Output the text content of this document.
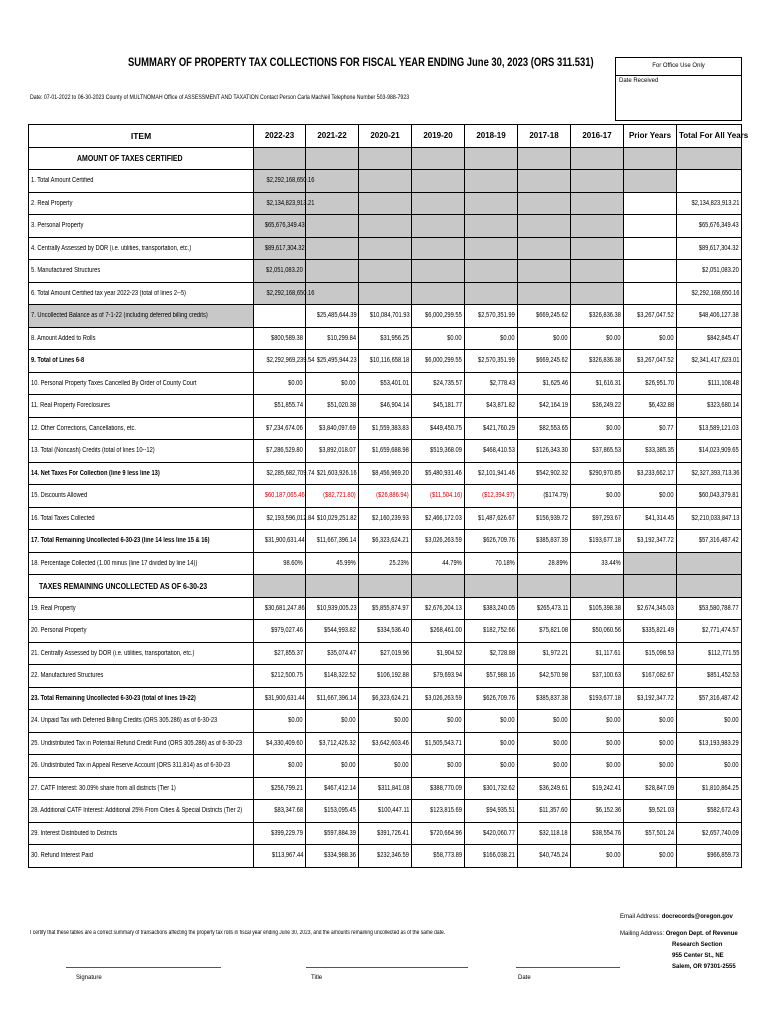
SUMMARY OF PROPERTY TAX COLLECTIONS FOR FISCAL YEAR ENDING June 30, 2023 (ORS 311.531)	For Office Use Only
Date Received
Date: 07-01-2022 to 06-30-2023 County of MULTNOMAH Office of ASSESSMENT AND TAXATION Contact Person Carla MacNeil Telephone Number 503-988-7923
ITEM	2022-23	2021-22	2020-21	2019-20	2018-19	2017-18	2016-17	Prior Years	Total For All Years
AMOUNT OF TAXES CERTIFIED									
1. Total Amount Certified	$2,292,168,650.16								
2. Real Property	$2,134,823,913.21								$2,134,823,913.21
3. Personal Property	$65,676,349.43								$65,676,349.43
4. Centrally Assessed by DOR (i.e. utilities, transportation, etc.)	$89,617,304.32								$89,617,304.32
5. Manufactured Structures	$2,051,083.20								$2,051,083.20
6. Total Amount Certified tax year 2022-23 (total of lines 2--5)	$2,292,168,650.16								$2,292,168,650.16
7. Uncollected Balance as of 7-1-22 (including deferred billing credits)		$25,485,644.39	$10,084,701.93	$6,000,299.55	$2,570,351.99	$669,245.62	$326,836.38	$3,267,047.52	$48,406,127.38
8. Amount Added to Rolls	$800,589.38	$10,299.84	$31,956.25	$0.00	$0.00	$0.00	$0.00	$0.00	$842,845.47
9. Total of Lines 6-8	$2,292,969,239.54	$25,495,944.23	$10,116,658.18	$6,000,299.55	$2,570,351.99	$669,245.62	$326,836.38	$3,267,047.52	$2,341,417,623.01
10. Personal Property Taxes Cancelled By Order of County Court	$0.00	$0.00	$53,401.01	$24,735.57	$2,778.43	$1,625.46	$1,616.31	$26,951.70	$111,108.48
11. Real Property Foreclosures	$51,855.74	$51,020.38	$46,904.14	$45,181.77	$43,871.82	$42,164.19	$36,249.22	$6,432.88	$323,680.14
12. Other Corrections, Cancellations, etc.	$7,234,674.06	$3,840,097.69	$1,559,383.83	$449,450.75	$421,760.29	$82,553.65	$0.00	$0.77	$13,589,121.03
13. Total (Noncash) Credits (total of lines 10--12)	$7,286,529.80	$3,892,018.07	$1,659,688.98	$519,368.09	$468,410.53	$126,343.30	$37,865.53	$33,385.35	$14,023,909.65
14. Net Taxes For Collection (line 9 less line 13)	$2,285,682,709.74	$21,603,926.16	$8,456,969.20	$5,480,931.46	$2,101,941.46	$542,902.32	$290,970.85	$3,233,662.17	$2,327,393,713.36
15. Discounts Allowed	$60,187,065.46	($82,721.80)	($26,886.94)	($11,504.16)	($12,394.97)	($174.79)	$0.00	$0.00	$60,043,379.81
16. Total Taxes Collected	$2,193,596,012.84	$10,029,251.82	$2,160,239.93	$2,466,172.03	$1,487,626.67	$156,939.72	$97,293.67	$41,314.45	$2,210,033,847.13
17. Total Remaining Uncollected 6-30-23 (line 14 less line 15 & 16)	$31,900,631.44	$11,667,396.14	$6,323,624.21	$3,026,263.59	$626,709.76	$385,837.39	$193,677.18	$3,192,347.72	$57,316,487.42
18. Percentage Collected (1.00 minus (line 17 divided by line 14))	98.60%	45.99%	25.23%	44.79%	70.18%	28.89%	33.44%		
TAXES REMAINING UNCOLLECTED AS OF 6-30-23									
19. Real Property	$30,681,247.86	$10,939,005.23	$5,855,874.97	$2,676,204.13	$383,240.05	$265,473.11	$105,398.38	$2,674,345.03	$53,580,788.77
20. Personal Property	$979,027.46	$544,993.82	$334,536.40	$268,461.00	$182,752.66	$75,821.08	$50,060.56	$335,821.49	$2,771,474.57
21. Centrally Assessed by DOR (i.e. utilities, transportation, etc.)	$27,855.37	$35,074.47	$27,019.96	$1,904.52	$2,728.88	$1,972.21	$1,117.61	$15,098.53	$112,771.55
22. Manufactured Structures	$212,500.75	$148,322.52	$106,192.88	$79,693.94	$57,988.16	$42,570.98	$37,100.63	$167,082.67	$851,452.53
23. Total Remaining Uncollected 6-30-23 (total of lines 19-22)	$31,900,631.44	$11,667,396.14	$6,323,624.21	$3,026,263.59	$626,709.76	$385,837.38	$193,677.18	$3,192,347.72	$57,316,487.42
24. Unpaid Tax with Deferred Billing Credits (ORS 305.286) as of 6-30-23	$0.00	$0.00	$0.00	$0.00	$0.00	$0.00	$0.00	$0.00	$0.00
25. Undistributed Tax in Potential Refund Credit Fund (ORS 305.286) as of 6-30-23	$4,330,409.60	$3,712,426.32	$3,642,603.46	$1,505,543.71	$0.00	$0.00	$0.00	$0.00	$13,193,983.29
26. Undistributed Tax in Appeal Reserve Account (ORS 311.814) as of 6-30-23	$0.00	$0.00	$0.00	$0.00	$0.00	$0.00	$0.00	$0.00	$0.00
27. CATF Interest: 30.09% share from all districts (Tier 1)	$256,799.21	$467,412.14	$311,841.08	$388,770.09	$301,732.62	$36,249.61	$19,242.41	$28,847.09	$1,810,864.25
28. Additional CATF Interest: Additional 25% From Cities & Special Districts (Tier 2)	$83,347.68	$153,095.45	$100,447.11	$123,815.69	$94,935.51	$11,357.60	$6,152.36	$9,521.03	$582,672.43
29. Interest Distributed to Districts	$399,229.79	$597,884.39	$391,726.41	$720,664.96	$420,060.77	$32,118.18	$38,554.76	$57,501.24	$2,657,740.09
30. Refund Interest Paid	$113,967.44	$334,988.36	$232,346.59	$58,773.89	$166,038.21	$40,745.24	$0.00	$0.00	$966,859.73
Email Address: docrecords@oregon.gov
Mailing Address: Oregon Dept. of Revenue
Research Section
955 Center St., NE
Salem, OR 97301-2555
I certify that these tables are a correct summary of transactions affecting the property tax rolls in fiscal year ending June 30, 2023, and the amounts remaining uncollected as of the same date.
Signature	Title	Date
